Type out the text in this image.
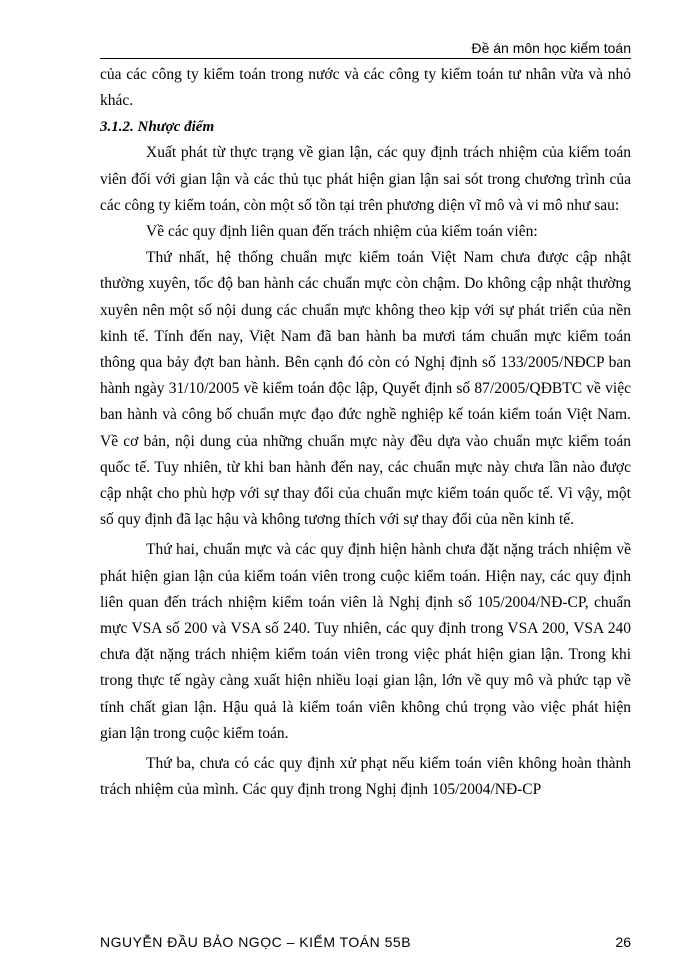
Đề án môn học kiểm toán

của các công ty kiểm toán trong nước và các công ty kiểm toán tư nhân vừa và nhỏ khác.

3.1.2. Nhược điểm

Xuất phát từ thực trạng về gian lận, các quy định trách nhiệm của kiểm toán viên đối với gian lận và các thủ tục phát hiện gian lận sai sót trong chương trình của các công ty kiểm toán, còn một số tồn tại trên phương diện vĩ mô và vi mô như sau:

Về các quy định liên quan đến trách nhiệm của kiểm toán viên:

Thứ nhất, hệ thống chuẩn mực kiểm toán Việt Nam chưa được cập nhật thường xuyên, tốc độ ban hành các chuẩn mực còn chậm. Do không cập nhật thường xuyên nên một số nội dung các chuẩn mực không theo kịp với sự phát triển của nền kinh tế. Tính đến nay, Việt Nam đã ban hành ba mươi tám chuẩn mực kiểm toán thông qua bảy đợt ban hành. Bên cạnh đó còn có Nghị định số 133/2005/NĐCP ban hành ngày 31/10/2005 về kiểm toán độc lập, Quyết định số 87/2005/QĐBTC về việc ban hành và công bố chuẩn mực đạo đức nghề nghiệp kế toán kiểm toán Việt Nam. Về cơ bản, nội dung của những chuẩn mực này đều dựa vào chuẩn mực kiểm toán quốc tế. Tuy nhiên, từ khi ban hành đến nay, các chuẩn mực này chưa lần nào được cập nhật cho phù hợp với sự thay đổi của chuẩn mực kiểm toán quốc tế. Vì vậy, một số quy định đã lạc hậu và không tương thích với sự thay đổi của nền kinh tế.

Thứ hai, chuẩn mực và các quy định hiện hành chưa đặt nặng trách nhiệm về phát hiện gian lận của kiểm toán viên trong cuộc kiểm toán. Hiện nay, các quy định liên quan đến trách nhiệm kiểm toán viên là Nghị định số 105/2004/NĐ-CP, chuẩn mực VSA số 200 và VSA số 240. Tuy nhiên, các quy định trong VSA 200, VSA 240 chưa đặt nặng trách nhiệm kiểm toán viên trong việc phát hiện gian lận. Trong khi trong thực tế ngày càng xuất hiện nhiều loại gian lận, lớn về quy mô và phức tạp về tính chất gian lận. Hậu quả là kiểm toán viên không chú trọng vào việc phát hiện gian lận trong cuộc kiểm toán.

Thứ ba, chưa có các quy định xử phạt nếu kiểm toán viên không hoàn thành trách nhiệm của mình. Các quy định trong Nghị định 105/2004/NĐ-CP

NGUYỄN ĐẦU BẢO NGỌC – KIỂM TOÁN 55B	26
